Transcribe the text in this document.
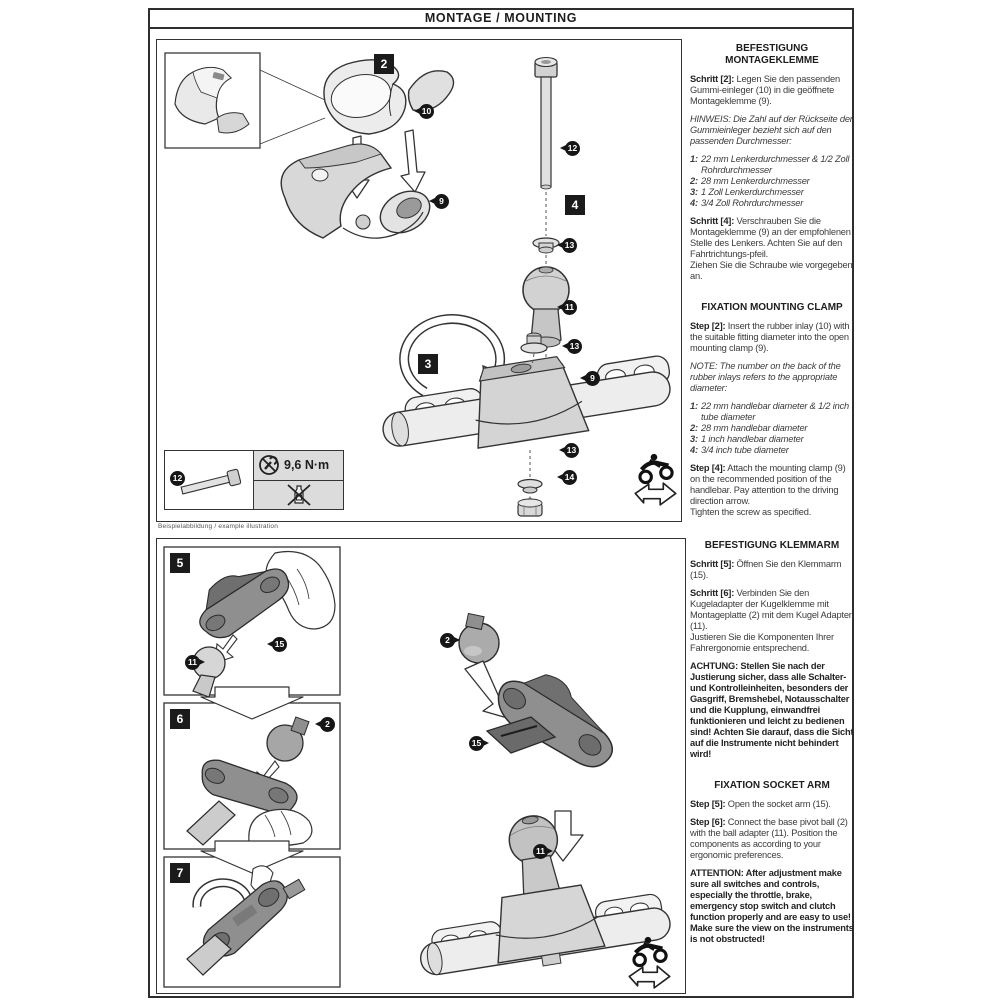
MONTAGE / MOUNTING
2
4
3
10
9
12
13
11
13
9
13
14
12
9,6 N·m
Beispielabbildung / example illustration
5
6
7
11
15
2
2
15
11
BEFESTIGUNG MONTAGEKLEMME

Schritt [2]: Legen Sie den passenden Gummi-einleger (10) in die geöffnete Montageklemme (9).

HINWEIS: Die Zahl auf der Rückseite der Gummieinleger bezieht sich auf den passenden Durchmesser:

1: 22 mm Lenkerdurchmesser & 1/2 Zoll Rohrdurchmesser
2: 28 mm Lenkerdurchmesser
3: 1 Zoll Lenkerdurchmesser
4: 3/4 Zoll Rohrdurchmesser

Schritt [4]: Verschrauben Sie die Montageklemme (9) an der empfohlenen Stelle des Lenkers. Achten Sie auf den Fahrtrichtungs-pfeil.
Ziehen Sie die Schraube wie vorgegeben an.

FIXATION MOUNTING CLAMP

Step [2]: Insert the rubber inlay (10) with the suitable fitting diameter into the open mounting clamp (9).

NOTE: The number on the back of the rubber inlays refers to the appropriate diameter:

1: 22 mm handlebar diameter & 1/2 inch tube diameter
2: 28 mm handlebar diameter
3: 1 inch handlebar diameter
4: 3/4 inch tube diameter

Step [4]: Attach the mounting clamp (9) on the recommended position of the handlebar. Pay attention to the driving direction arrow.
Tighten the screw as specified.

BEFESTIGUNG KLEMMARM

Schritt [5]: Öffnen Sie den Klemmarm (15).

Schritt [6]: Verbinden Sie den Kugeladapter der Kugelklemme mit Montageplatte (2) mit dem Kugel Adapter (11).
Justieren Sie die Komponenten Ihrer Fahrergonomie entsprechend.

ACHTUNG: Stellen Sie nach der Justierung sicher, dass alle Schalter- und Kontrolleinheiten, besonders der Gasgriff, Bremshebel, Notausschalter und die Kupplung, einwandfrei funktionieren und leicht zu bedienen sind! Achten Sie darauf, dass die Sicht auf die Instrumente nicht behindert wird!

FIXATION SOCKET ARM

Step [5]: Open the socket arm (15).

Step [6]: Connect the base pivot ball (2) with the ball adapter (11). Position the components as according to your ergonomic preferences.

ATTENTION: After adjustment make sure all switches and controls, especially the throttle, brake, emergency stop switch and clutch function properly and are easy to use! Make sure the view on the instruments is not obstructed!
